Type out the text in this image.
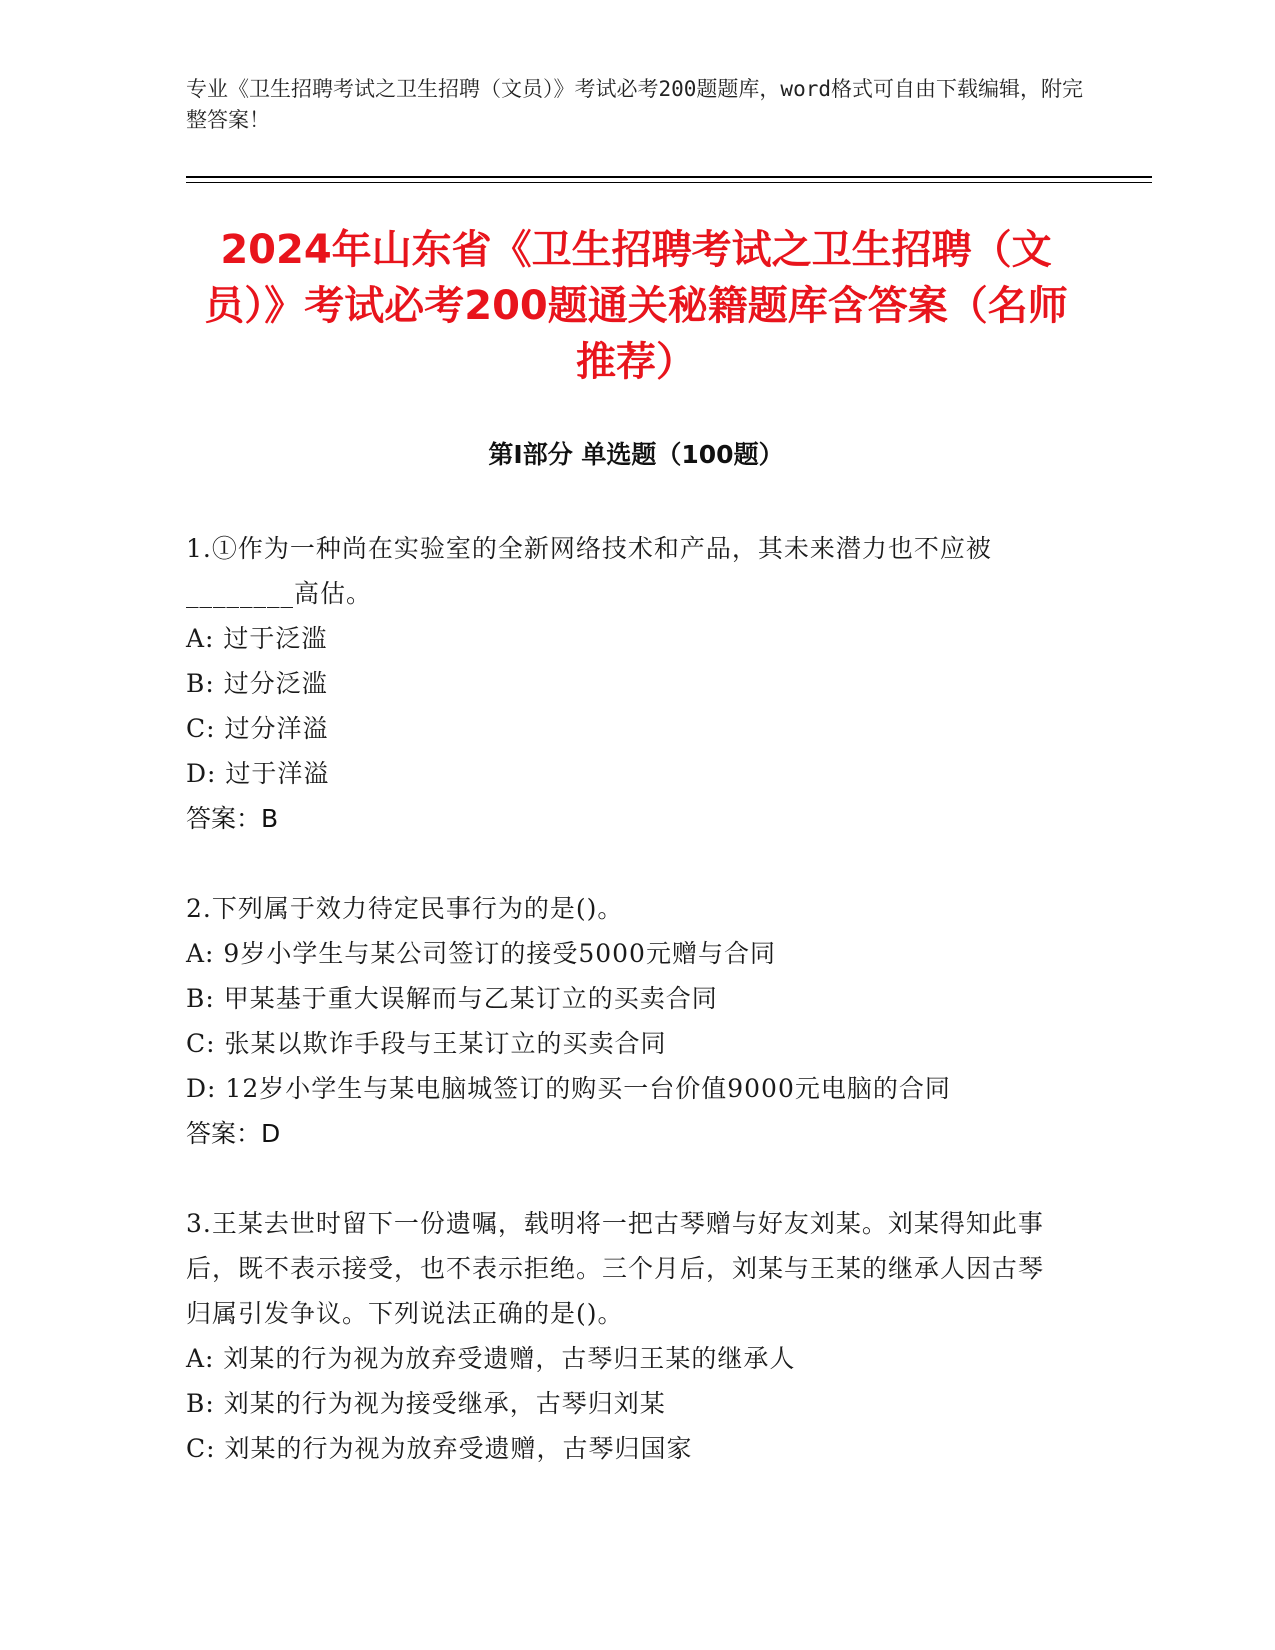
专业《卫生招聘考试之卫生招聘（文员）》考试必考200题题库，word格式可自由下载编辑，附完整答案！
2024年山东省《卫生招聘考试之卫生招聘（文员）》考试必考200题通关秘籍题库含答案（名师推荐）
第I部分 单选题（100题）
1.①作为一种尚在实验室的全新网络技术和产品，其未来潜力也不应被________高估。
A: 过于泛滥
B: 过分泛滥
C: 过分洋溢
D: 过于洋溢
答案：B
2.下列属于效力待定民事行为的是()。
A: 9岁小学生与某公司签订的接受5000元赠与合同
B: 甲某基于重大误解而与乙某订立的买卖合同
C: 张某以欺诈手段与王某订立的买卖合同
D: 12岁小学生与某电脑城签订的购买一台价值9000元电脑的合同
答案：D
3.王某去世时留下一份遗嘱，载明将一把古琴赠与好友刘某。刘某得知此事后，既不表示接受，也不表示拒绝。三个月后，刘某与王某的继承人因古琴归属引发争议。下列说法正确的是()。
A: 刘某的行为视为放弃受遗赠，古琴归王某的继承人
B: 刘某的行为视为接受继承，古琴归刘某
C: 刘某的行为视为放弃受遗赠，古琴归国家
